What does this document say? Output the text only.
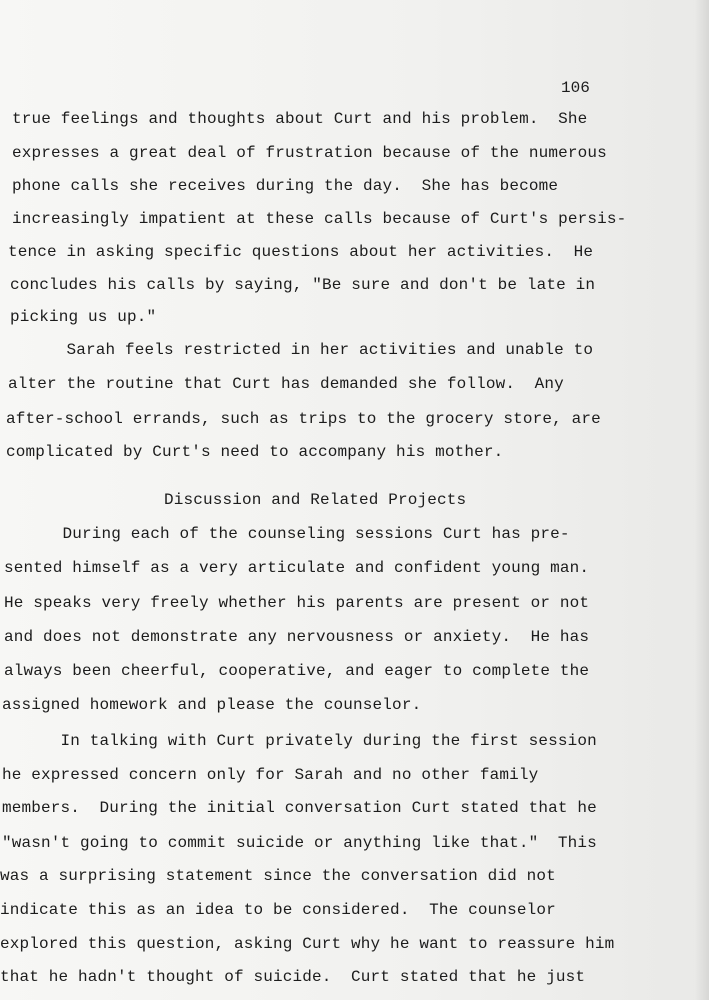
106
true feelings and thoughts about Curt and his problem.  She
expresses a great deal of frustration because of the numerous
phone calls she receives during the day.  She has become
increasingly impatient at these calls because of Curt's persis-
tence in asking specific questions about her activities.  He
concludes his calls by saying, "Be sure and don't be late in
picking us up."
Sarah feels restricted in her activities and unable to
alter the routine that Curt has demanded she follow.  Any
after-school errands, such as trips to the grocery store, are
complicated by Curt's need to accompany his mother.
Discussion and Related Projects
During each of the counseling sessions Curt has pre-
sented himself as a very articulate and confident young man.
He speaks very freely whether his parents are present or not
and does not demonstrate any nervousness or anxiety.  He has
always been cheerful, cooperative, and eager to complete the
assigned homework and please the counselor.
In talking with Curt privately during the first session
he expressed concern only for Sarah and no other family
members.  During the initial conversation Curt stated that he
"wasn't going to commit suicide or anything like that."  This
was a surprising statement since the conversation did not
indicate this as an idea to be considered.  The counselor
explored this question, asking Curt why he want to reassure him
that he hadn't thought of suicide.  Curt stated that he just
